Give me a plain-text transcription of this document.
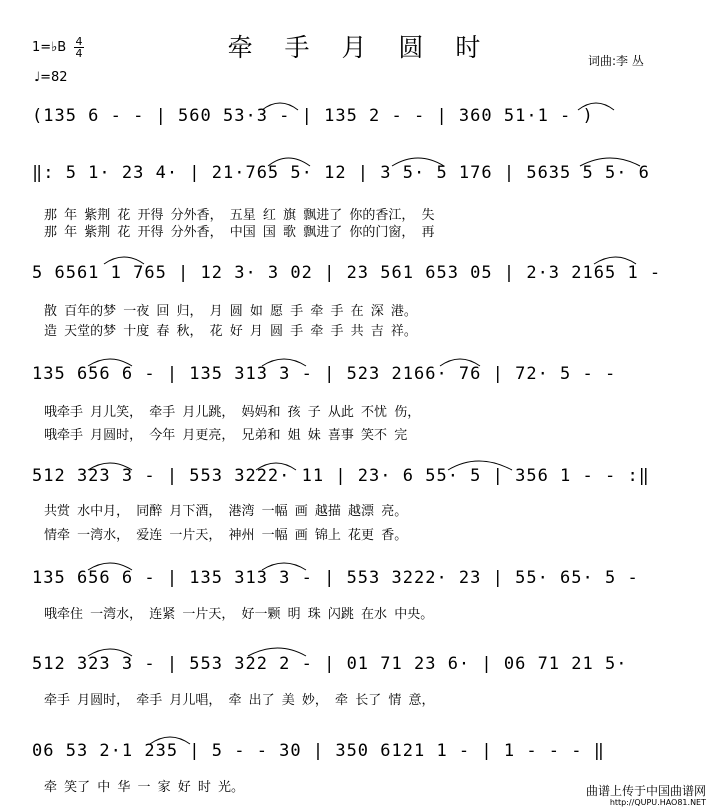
牵 手 月 圆 时
1=♭B 4
4
♩=82
词曲:李 丛
(135 6 - - | 560 53·3 - | 135 2 - - | 360 51·1 - )
‖: 5 1· 23 4· | 21·765 5· 12 | 3 5· 5 176 | 5635 5 5· 6
那 年 紫荆 花 开得 分外香， 五星 红 旗 飘进了 你的香江， 失
那 年 紫荆 花 开得 分外香， 中国 国 歌 飘进了 你的门窗， 再
5 6561 1 765 | 12 3· 3 02 | 23 561 653 05 | 2·3 2165 1 -
散 百年的梦 一夜 回 归， 月 圆 如 愿 手 牵 手 在 深 港。
造 天堂的梦 十度 春 秋， 花 好 月 圆 手 牵 手 共 吉 祥。
135 656 6 - | 135 313 3 - | 523 2166· 76 | 72· 5 - -
哦牵手 月儿笑， 牵手 月儿跳， 妈妈和 孩 子 从此 不忧 伤，
哦牵手 月圆时， 今年 月更亮， 兄弟和 姐 妹 喜事 笑不 完
512 323 3 - | 553 3222· 11 | 23· 6 55· 5 | 356 1 - - :‖
共赏 水中月， 同醉 月下酒， 港湾 一幅 画 越描 越漂 亮。
情牵 一湾水， 爱连 一片天， 神州 一幅 画 锦上 花更 香。
135 656 6 - | 135 313 3 - | 553 3222· 23 | 55· 65· 5 -
哦牵住 一湾水， 连紧 一片天， 好一颗 明 珠 闪跳 在水 中央。
512 323 3 - | 553 322 2 - | 01 71 23 6· | 06 71 21 5·
牵手 月圆时， 牵手 月儿唱， 牵 出了 美 妙， 牵 长了 情 意，
06 53 2·1 235 | 5 - - 30 | 350 6121 1 - | 1 - - - ‖
牵 笑了 中 华 一 家 好 时 光。	曲谱上传于中国曲谱网
http://QUPU.HAO81.NET
